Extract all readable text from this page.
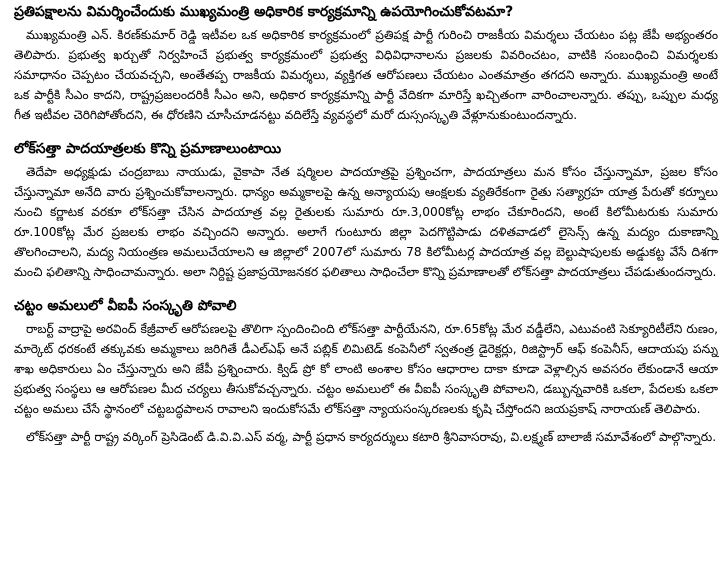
ప్రతిపక్షాలను విమర్శించేందుకు ముఖ్యమంత్రి అధికారిక కార్యక్రమాన్ని ఉపయోగించుకోవటమా?

ముఖ్యమంత్రి ఎన్‌. కిరణ్‌కుమార్‌ రెడ్డి ఇటీవల ఒక అధికారిక కార్యక్రమంలో ప్రతిపక్ష పార్టీ గురించి రాజకీయ విమర్శలు చేయటం పట్ల జేపీ అభ్యంతరం తెలిపారు. ప్రభుత్వ ఖర్చుతో నిర్వహించే ప్రభుత్వ కార్యక్రమంలో ప్రభుత్వ విధివిధానాలను ప్రజలకు వివరించటం, వాటికి సంబంధించి విమర్శలకు సమాధానం చెప్పటం చేయవచ్చని, అంతేతప్ప రాజకీయ విమర్శలు, వ్యక్తిగత ఆరోపణలు చేయటం ఎంతమాత్రం తగదని అన్నారు. ముఖ్యమంత్రి అంటే ఒక పార్టీకి సీఎం కాదని, రాష్ట్రప్రజలందరికీ సీఎం అని, అధికార కార్యక్రమాన్ని పార్టీ వేదికగా మారిస్తే ఖచ్చితంగా వారించాలన్నారు. తప్పు, ఒప్పుల మధ్య గీత ఇటీవల చెరిగిపోతోందని, ఈ ధోరణిని చూసీచూడనట్టు వదిలేస్తే వ్యవస్థలో మరో దుస్సంస్కృతి వేళ్లూనుకుంటుందన్నారు.

లోక్‌సత్తా పాదయాత్రలకు కొన్ని ప్రమాణాలుంటాయి

తెదేపా అధ్యక్షుడు చంద్రబాబు నాయుడు, వైకాపా నేత షర్మిలల పాదయాత్రపై ప్రశ్నించగా, పాదయాత్రలు మన కోసం చేస్తున్నామా, ప్రజల కోసం చేస్తున్నామా అనేది వారు ప్రశ్నించుకోవాలన్నారు. ధాన్యం అమ్మకాలపై ఉన్న అన్యాయపు ఆంక్షలకు వ్యతిరేకంగా రైతు సత్యాగ్రహ యాత్ర పేరుతో కర్నూలు నుంచి కర్ణాటక వరకూ లోక్‌సత్తా చేసిన పాదయాత్ర వల్ల రైతులకు సుమారు రూ.3,000కోట్ల లాభం చేకూరిందని, అంటే కిలోమీటరుకు సుమారు రూ.100కోట్ల మేర ప్రజలకు లాభం వచ్చిందని అన్నారు. అలాగే గుంటూరు జిల్లా పెదగొట్టిపాడు దళితవాడలో లైసెన్స్‌ ఉన్న మద్యం దుకాణాన్ని తొలగించాలని, మద్య నియంత్రణ అమలుచేయాలని ఆ జిల్లాలో 2007లో సుమారు 78 కిలోమీటర్ల పాదయాత్ర వల్ల బెల్టుషాపులకు అడ్డుకట్ట వేసే దిశగా మంచి ఫలితాన్ని సాధించామన్నారు. అలా నిర్దిష్ట ప్రజాప్రయోజనకర ఫలితాలు సాధించేలా కొన్ని ప్రమాణాలతో లోక్‌సత్తా పాదయాత్రలు చేపడుతుందన్నారు.

చట్టం అమలులో వీఐపీ సంస్కృతి పోవాలి

రాబర్ట్‌ వాద్రాపై అరవింద్‌ కేజ్రీవాల్‌ ఆరోపణలపై తొలిగా స్పందించింది లోక్‌సత్తా పార్టీయేనని, రూ.65కోట్ల మేర వడ్డీలేని, ఎటువంటి సెక్యూరిటీలేని రుణం, మార్కెట్‌ ధరకంటే తక్కువకు అమ్మకాలు జరిగితే డీఎల్‌ఎఫ్‌ అనే పబ్లిక్‌ లిమిటెడ్‌ కంపెనీలో స్వతంత్ర డైరెక్టర్లు, రిజిస్ట్రార్‌ ఆఫ్‌ కంపెనీస్‌, ఆదాయపు పన్ను శాఖ అధికారులు ఏం చేస్తున్నారు అని జేపీ ప్రశ్నించారు. క్విడ్‌ ప్రో కో లాంటి అంశాల కోసం ఆధారాల దాకా కూడా వెళ్లాల్సిన అవసరం లేకుండానే ఆయా ప్రభుత్వ సంస్థలు ఆ ఆరోపణల మీద చర్యలు తీసుకోవచ్చన్నారు. చట్టం అమలులో ఈ వీఐపీ సంస్కృతి పోవాలని, డబ్బున్నవారికి ఒకలా, పేదలకు ఒకలా చట్టం అమలు చేసే స్థానంలో చట్టబద్ధపాలన రావాలని ఇందుకోసమే లోక్‌సత్తా న్యాయసంస్కరణలకు కృషి చేస్తోందని జయప్రకాష్‌ నారాయణ్‌ తెలిపారు.

లోక్‌సత్తా పార్టీ రాష్ట్ర వర్కింగ్‌ ప్రెసిడెంట్‌ డి.వి.వి.ఎస్‌ వర్మ, పార్టీ ప్రధాన కార్యదర్శులు కటారి శ్రీనివాసరావు, వి.లక్ష్మణ్‌ బాలాజీ సమావేశంలో పాల్గొన్నారు.
